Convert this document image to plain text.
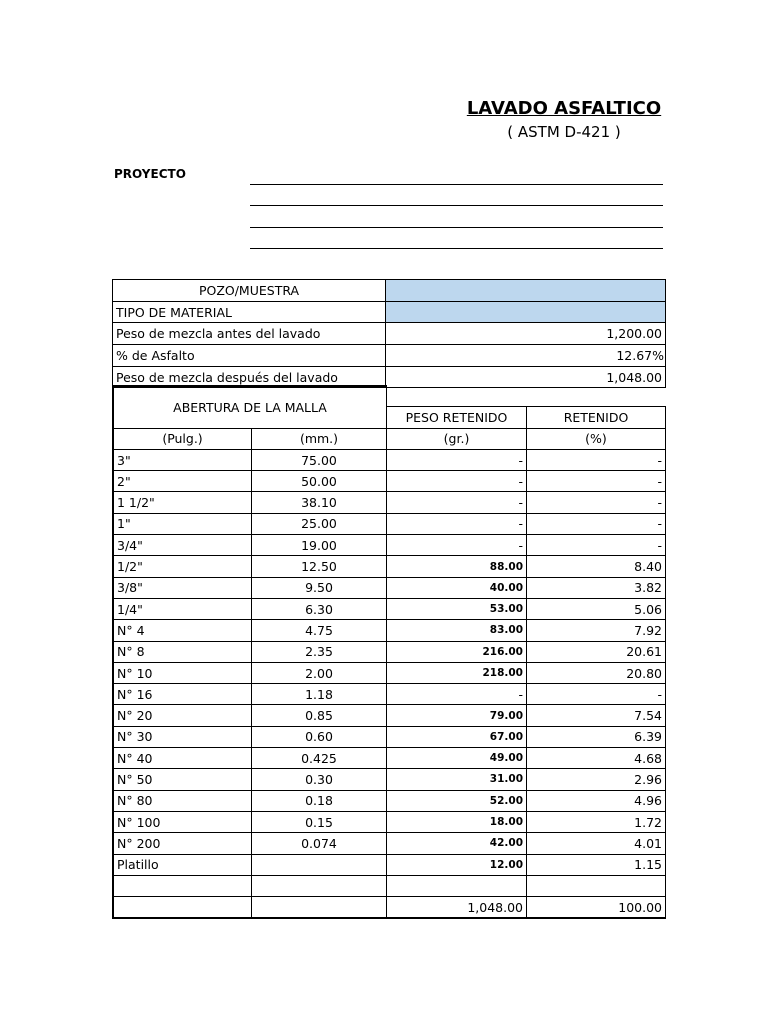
LAVADO ASFALTICO
( ASTM D-421 )
PROYECTO
POZO/MUESTRA	
TIPO DE MATERIAL	
Peso de mezcla antes del lavado	1,200.00
% de Asfalto	12.67%
Peso de mezcla después del lavado	1,048.00
ABERTURA DE LA MALLA			
		PESO RETENIDO	RETENIDO
(Pulg.)	(mm.)	(gr.)	(%)
3"	75.00	-	-
2"	50.00	-	-
1 1/2"	38.10	-	-
1"	25.00	-	-
3/4"	19.00	-	-
1/2"	12.50	88.00	8.40
3/8"	9.50	40.00	3.82
1/4"	6.30	53.00	5.06
N° 4	4.75	83.00	7.92
N° 8	2.35	216.00	20.61
N° 10	2.00	218.00	20.80
N° 16	1.18	-	-
N° 20	0.85	79.00	7.54
N° 30	0.60	67.00	6.39
N° 40	0.425	49.00	4.68
N° 50	0.30	31.00	2.96
N° 80	0.18	52.00	4.96
N° 100	0.15	18.00	1.72
N° 200	0.074	42.00	4.01
Platillo		12.00	1.15

		1,048.00	100.00
